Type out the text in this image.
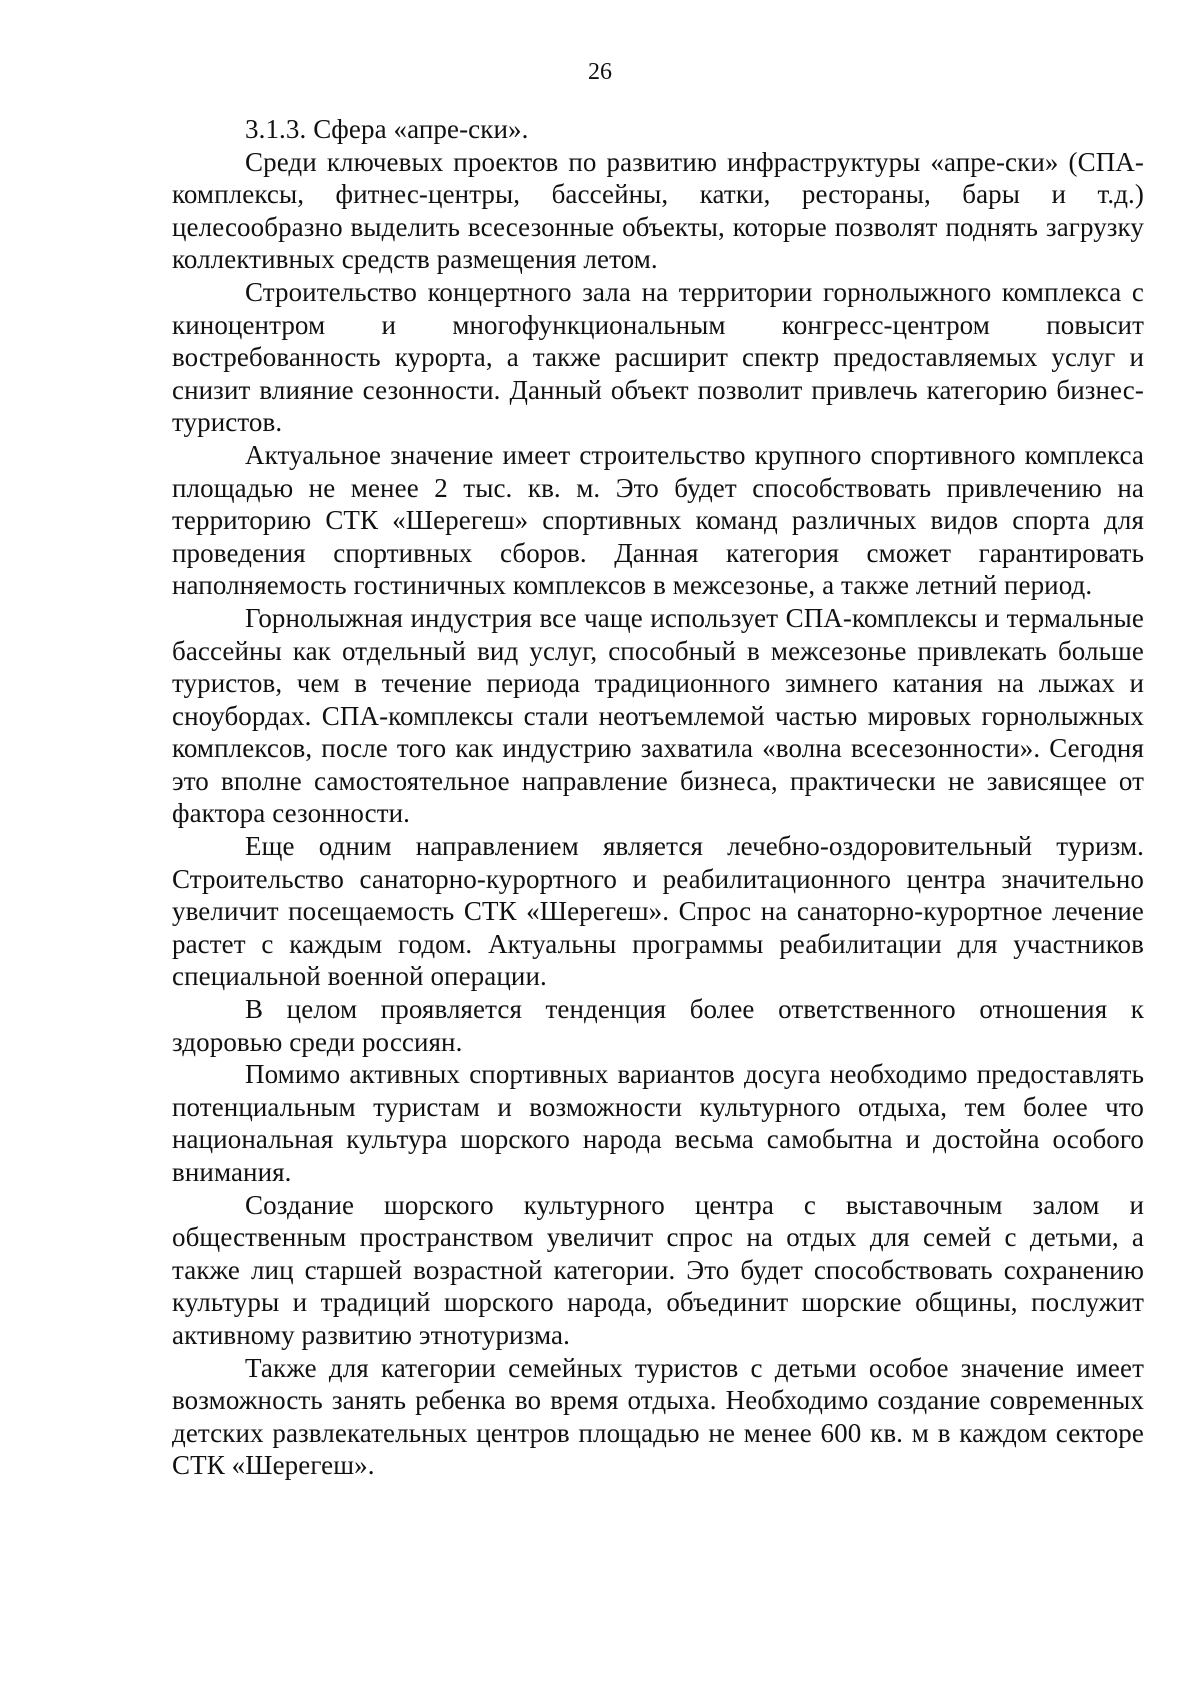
26

3.1.3. Сфера «апре-ски».

Среди ключевых проектов по развитию инфраструктуры «апре-ски» (СПА-комплексы, фитнес-центры, бассейны, катки, рестораны, бары и т.д.) целесообразно выделить всесезонные объекты, которые позволят поднять загрузку коллективных средств размещения летом.

Строительство концертного зала на территории горнолыжного комплекса с киноцентром и многофункциональным конгресс-центром повысит востребованность курорта, а также расширит спектр предоставляемых услуг и снизит влияние сезонности. Данный объект позволит привлечь категорию бизнес-туристов.

Актуальное значение имеет строительство крупного спортивного комплекса площадью не менее 2 тыс. кв. м. Это будет способствовать привлечению на территорию СТК «Шерегеш» спортивных команд различных видов спорта для проведения спортивных сборов. Данная категория сможет гарантировать наполняемость гостиничных комплексов в межсезонье, а также летний период.

Горнолыжная индустрия все чаще использует СПА-комплексы и термальные бассейны как отдельный вид услуг, способный в межсезонье привлекать больше туристов, чем в течение периода традиционного зимнего катания на лыжах и сноубордах. СПА-комплексы стали неотъемлемой частью мировых горнолыжных комплексов, после того как индустрию захватила «волна всесезонности». Сегодня это вполне самостоятельное направление бизнеса, практически не зависящее от фактора сезонности.

Еще одним направлением является лечебно-оздоровительный туризм. Строительство санаторно-курортного и реабилитационного центра значительно увеличит посещаемость СТК «Шерегеш». Спрос на санаторно-курортное лечение растет с каждым годом. Актуальны программы реабилитации для участников специальной военной операции.

В целом проявляется тенденция более ответственного отношения к здоровью среди россиян.

Помимо активных спортивных вариантов досуга необходимо предоставлять потенциальным туристам и возможности культурного отдыха, тем более что национальная культура шорского народа весьма самобытна и достойна особого внимания.

Создание шорского культурного центра с выставочным залом и общественным пространством увеличит спрос на отдых для семей с детьми, а также лиц старшей возрастной категории. Это будет способствовать сохранению культуры и традиций шорского народа, объединит шорские общины, послужит активному развитию этнотуризма.

Также для категории семейных туристов с детьми особое значение имеет возможность занять ребенка во время отдыха. Необходимо создание современных детских развлекательных центров площадью не менее 600 кв. м в каждом секторе СТК «Шерегеш».
